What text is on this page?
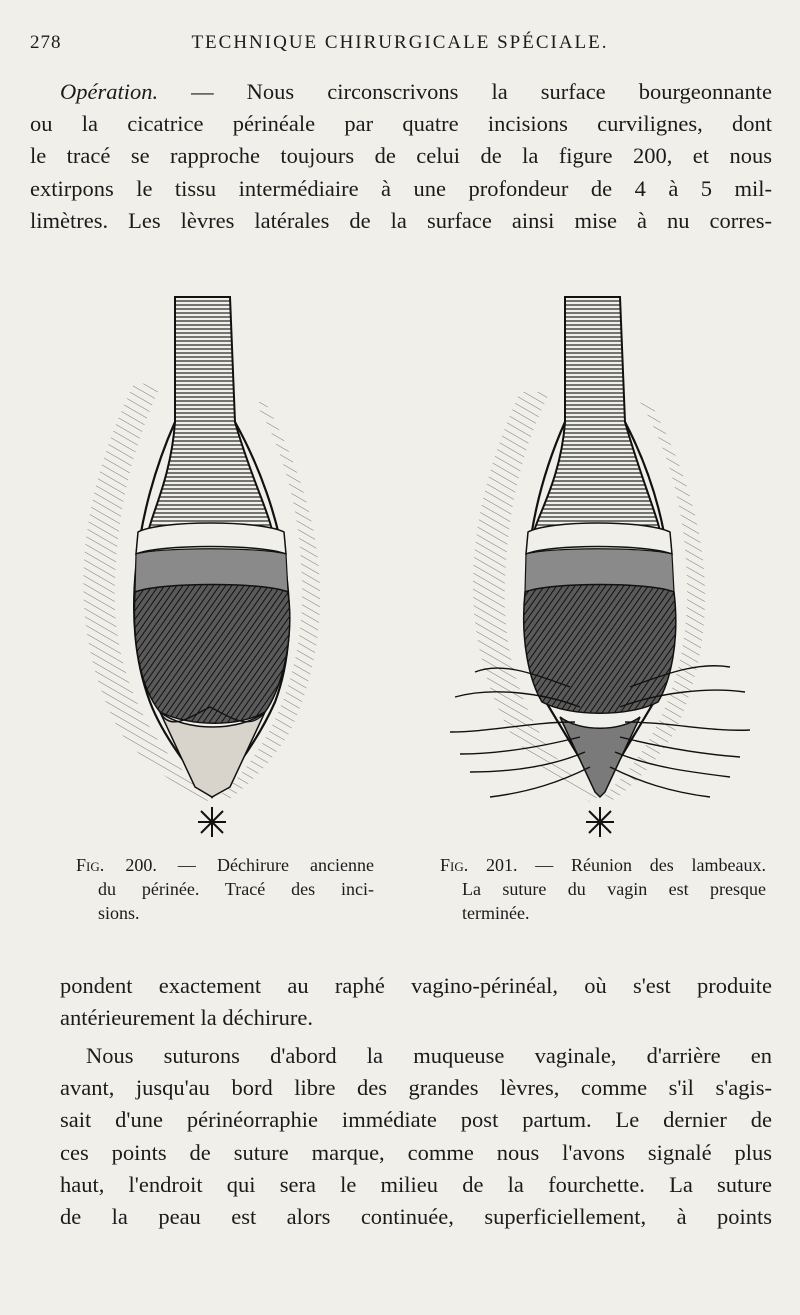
278	TECHNIQUE CHIRURGICALE SPÉCIALE.
Opération. — Nous circonscrivons la surface bourgeonnante
ou la cicatrice périnéale par quatre incisions curvilignes, dont
le tracé se rapproche toujours de celui de la figure 200, et nous
extirpons le tissu intermédiaire à une profondeur de 4 à 5 mil-
limètres. Les lèvres latérales de la surface ainsi mise à nu corres-
Fig. 200. — Déchirure ancienne
du périnée. Tracé des inci-
sions.
Fig. 201. — Réunion des lambeaux.
La suture du vagin est presque
terminée.
pondent exactement au raphé vagino-périnéal, où s'est produite
antérieurement la déchirure.
Nous suturons d'abord la muqueuse vaginale, d'arrière en
avant, jusqu'au bord libre des grandes lèvres, comme s'il s'agis-
sait d'une périnéorraphie immédiate post partum. Le dernier de
ces points de suture marque, comme nous l'avons signalé plus
haut, l'endroit qui sera le milieu de la fourchette. La suture
de la peau est alors continuée, superficiellement, à points
